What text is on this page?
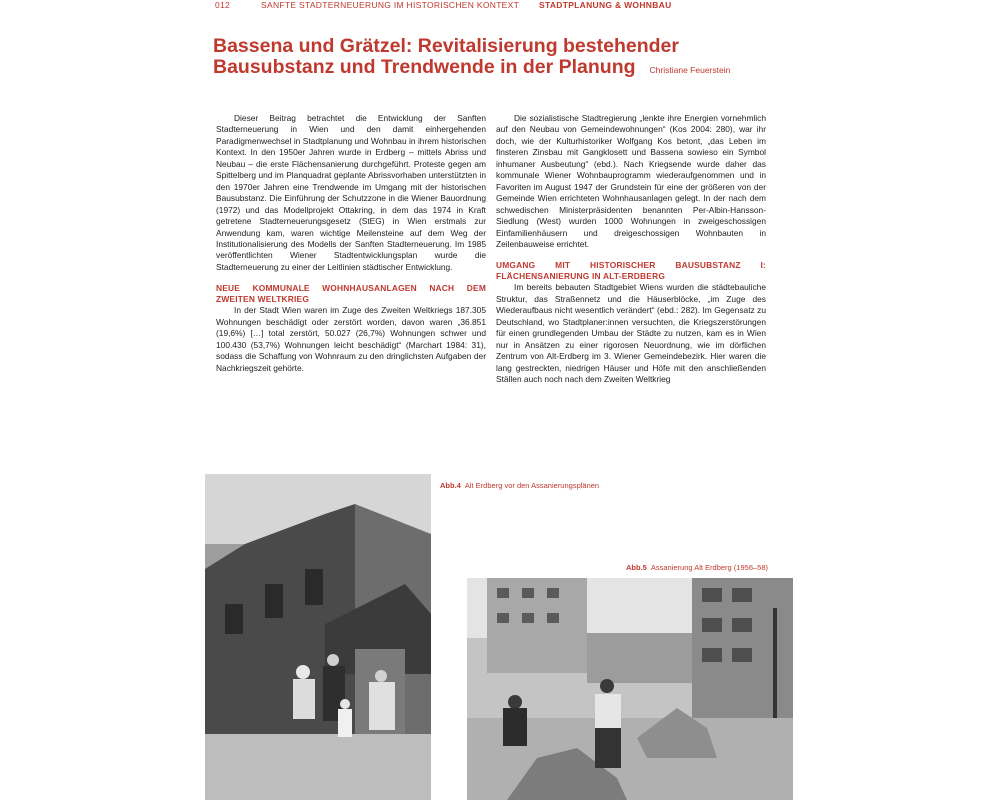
012	SANFTE STADTERNEUERUNG IM HISTORISCHEN KONTEXT STADTPLANUNG & WOHNBAU
Bassena und Grätzel: Revitalisierung bestehender
Bausubstanz und Trendwende in der Planung Christiane Feuerstein

Dieser Beitrag betrachtet die Entwicklung der Sanften Stadterneuerung in Wien und den damit einhergehenden Paradigmenwechsel in Stadtplanung und Wohnbau in ihrem historischen Kontext. In den 1950er Jahren wurde in Erdberg – mittels Abriss und Neubau – die erste Flächensanierung durchgeführt. Proteste gegen am Spittelberg und im Planquadrat geplante Abrissvorhaben unterstützten in den 1970er Jahren eine Trendwende im Umgang mit der historischen Bausubstanz. Die Einführung der Schutzzone in die Wiener Bauordnung (1972) und das Modellprojekt Ottakring, in dem das 1974 in Kraft getretene Stadterneuerungsgesetz (StEG) in Wien erstmals zur Anwendung kam, waren wichtige Meilensteine auf dem Weg der Institutionalisierung des Modells der Sanften Stadterneuerung. Im 1985 veröffentlichten Wiener Stadtentwicklungsplan wurde die Stadterneuerung zu einer der Leitlinien städtischer Entwicklung.

NEUE KOMMUNALE WOHNHAUSANLAGEN NACH DEM ZWEITEN WELTKRIEG

In der Stadt Wien waren im Zuge des Zweiten Weltkriegs 187.305 Wohnungen beschädigt oder zerstört worden, davon waren „36.851 (19,6%) […] total zerstört, 50.027 (26,7%) Wohnungen schwer und 100.430 (53,7%) Wohnungen leicht beschädigt“ (Marchart 1984: 31), sodass die Schaffung von Wohnraum zu den dringlichsten Aufgaben der Nachkriegszeit gehörte.

Die sozialistische Stadtregierung „lenkte ihre Energien vornehmlich auf den Neubau von Gemeindewohnungen“ (Kos 2004: 280), war ihr doch, wie der Kulturhistoriker Wolfgang Kos betont, „das Leben im finsteren Zinsbau mit Gangklosett und Bassena sowieso ein Symbol inhumaner Ausbeutung“ (ebd.). Nach Kriegsende wurde daher das kommunale Wiener Wohnbauprogramm wiederaufgenommen und in Favoriten im August 1947 der Grundstein für eine der größeren von der Gemeinde Wien errichteten Wohnhausanlagen gelegt. In der nach dem schwedischen Ministerpräsidenten benannten Per-Albin-Hansson-Siedlung (West) wurden 1000 Wohnungen in zweigeschossigen Einfamilienhäusern und dreigeschossigen Wohnbauten in Zeilenbauweise errichtet.

UMGANG MIT HISTORISCHER BAUSUBSTANZ I: FLÄCHENSANIERUNG IN ALT-ERDBERG

Im bereits bebauten Stadtgebiet Wiens wurden die städtebauliche Struktur, das Straßennetz und die Häuserblöcke, „im Zuge des Wiederaufbaus nicht wesentlich verändert“ (ebd.: 282). Im Gegensatz zu Deutschland, wo Stadtplaner:innen versuchten, die Kriegszerstörungen für einen grundlegenden Umbau der Städte zu nutzen, kam es in Wien nur in Ansätzen zu einer rigorosen Neuordnung, wie im dörflichen Zentrum von Alt-Erdberg im 3. Wiener Gemeindebezirk. Hier waren die lang gestreckten, niedrigen Häuser und Höfe mit den anschließenden Ställen auch noch nach dem Zweiten Weltkrieg

Abb.4 Alt Erdberg vor den Assanierungsplänen
Abb.5 Assanierung Alt Erdberg (1956–58)
